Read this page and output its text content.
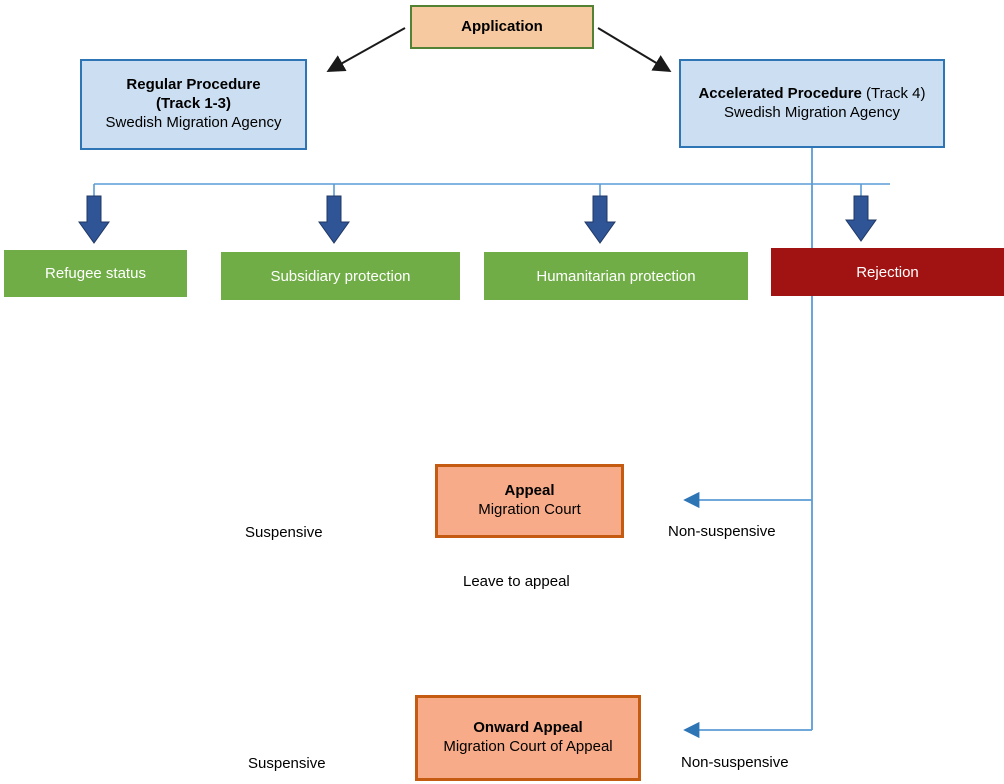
Application
Regular Procedure
(Track 1-3)
Swedish Migration Agency
Accelerated Procedure (Track 4)
Swedish Migration Agency
Refugee status	Subsidiary protection	Humanitarian protection	Rejection
Appeal
Migration Court
Onward Appeal
Migration Court of Appeal
Suspensive	Non-suspensive
Leave to appeal
Suspensive	Non-suspensive
